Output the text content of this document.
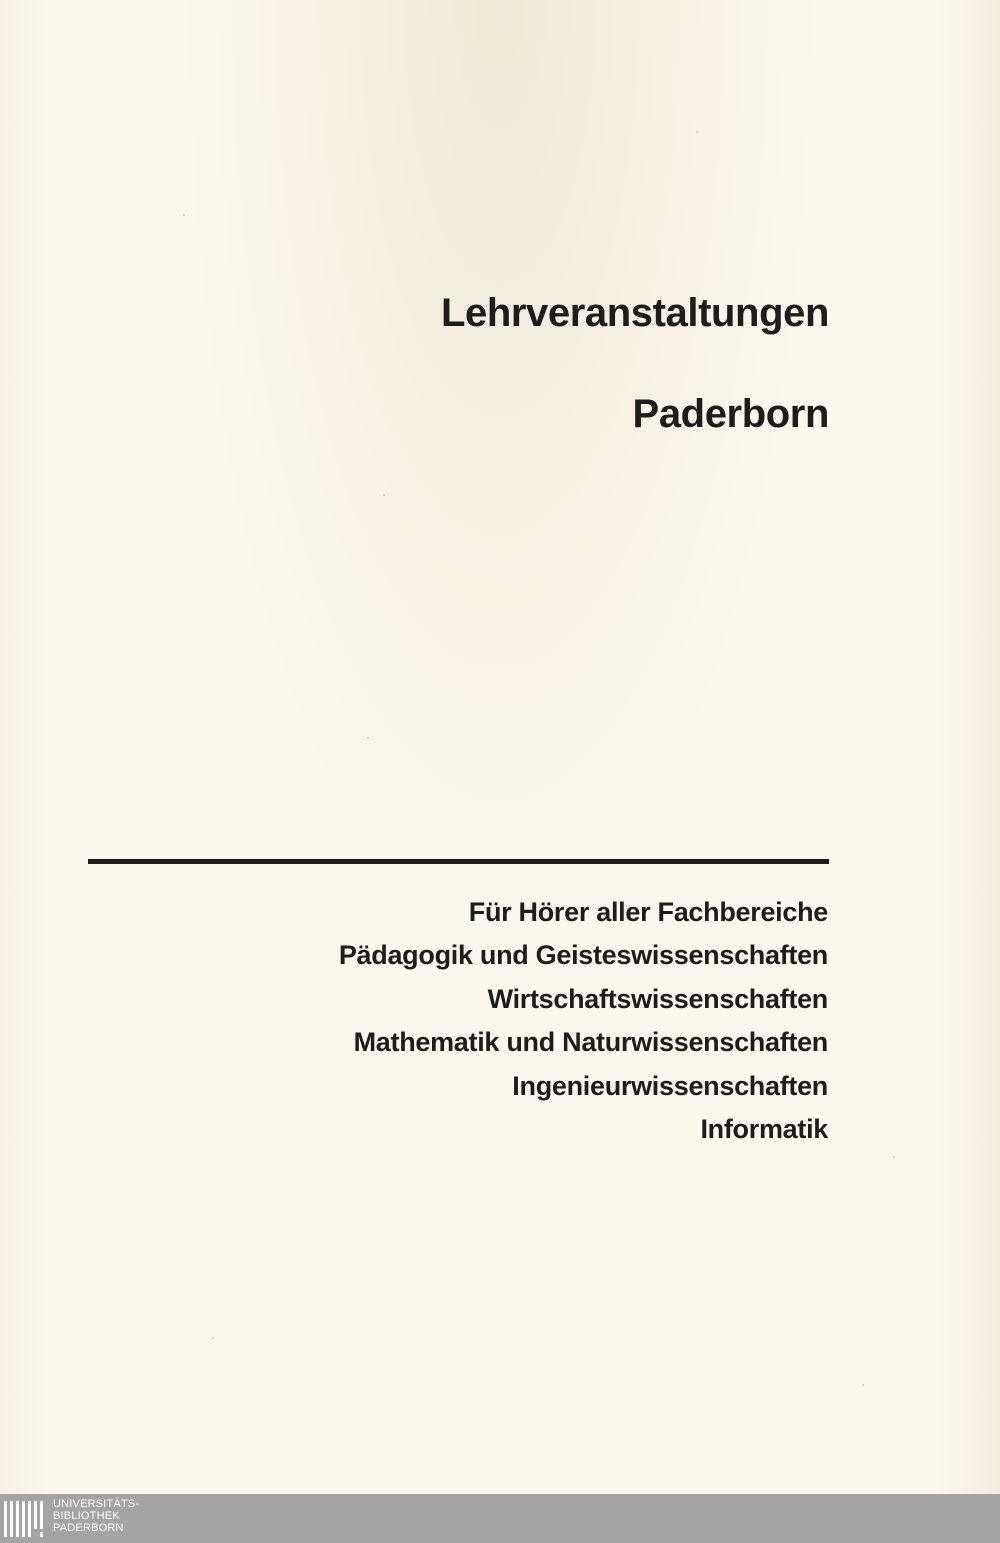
Lehrveranstaltungen
Paderborn
Für Hörer aller Fachbereiche
Pädagogik und Geisteswissenschaften
Wirtschaftswissenschaften
Mathematik und Naturwissenschaften
Ingenieurwissenschaften
Informatik
UNIVERSITÄTS-
BIBLIOTHEK
PADERBORN
